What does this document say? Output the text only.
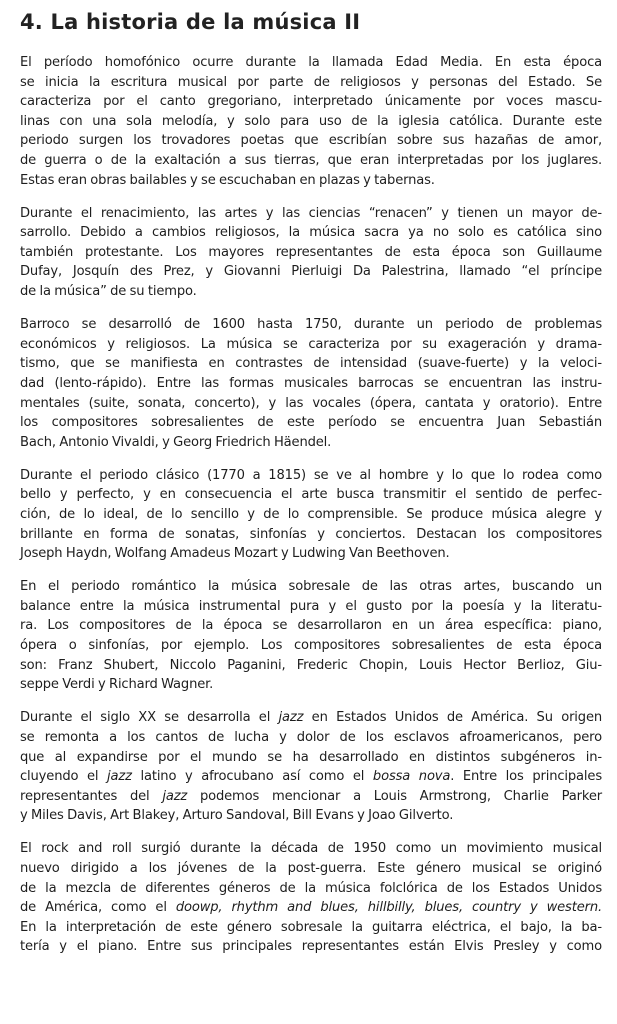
4. La historia de la música II

El período homofónico ocurre durante la llamada Edad Media. En esta época
se inicia la escritura musical por parte de religiosos y personas del Estado. Se
caracteriza por el canto gregoriano, interpretado únicamente por voces mascu-
linas con una sola melodía, y solo para uso de la iglesia católica. Durante este
periodo surgen los trovadores poetas que escribían sobre sus hazañas de amor,
de guerra o de la exaltación a sus tierras, que eran interpretadas por los juglares.
Estas eran obras bailables y se escuchaban en plazas y tabernas.

Durante el renacimiento, las artes y las ciencias “renacen” y tienen un mayor de-
sarrollo. Debido a cambios religiosos, la música sacra ya no solo es católica sino
también protestante. Los mayores representantes de esta época son Guillaume
Dufay, Josquín des Prez, y Giovanni Pierluigi Da Palestrina, llamado “el príncipe
de la música” de su tiempo.

Barroco se desarrolló de 1600 hasta 1750, durante un periodo de problemas
económicos y religiosos. La música se caracteriza por su exageración y drama-
tismo, que se manifiesta en contrastes de intensidad (suave-fuerte) y la veloci-
dad (lento-rápido). Entre las formas musicales barrocas se encuentran las instru-
mentales (suite, sonata, concerto), y las vocales (ópera, cantata y oratorio). Entre
los compositores sobresalientes de este período se encuentra Juan Sebastián
Bach, Antonio Vivaldi, y Georg Friedrich Häendel.

Durante el periodo clásico (1770 a 1815) se ve al hombre y lo que lo rodea como
bello y perfecto, y en consecuencia el arte busca transmitir el sentido de perfec-
ción, de lo ideal, de lo sencillo y de lo comprensible. Se produce música alegre y
brillante en forma de sonatas, sinfonías y conciertos. Destacan los compositores
Joseph Haydn, Wolfang Amadeus Mozart y Ludwing Van Beethoven.

En el periodo romántico la música sobresale de las otras artes, buscando un
balance entre la música instrumental pura y el gusto por la poesía y la literatu-
ra. Los compositores de la época se desarrollaron en un área específica: piano,
ópera o sinfonías, por ejemplo. Los compositores sobresalientes de esta época
son: Franz Shubert, Niccolo Paganini, Frederic Chopin, Louis Hector Berlioz, Giu-
seppe Verdi y Richard Wagner.

Durante el siglo XX se desarrolla el jazz en Estados Unidos de América. Su origen
se remonta a los cantos de lucha y dolor de los esclavos afroamericanos, pero
que al expandirse por el mundo se ha desarrollado en distintos subgéneros in-
cluyendo el jazz latino y afrocubano así como el bossa nova. Entre los principales
representantes del jazz podemos mencionar a Louis Armstrong, Charlie Parker
y Miles Davis, Art Blakey, Arturo Sandoval, Bill Evans y Joao Gilverto.

El rock and roll surgió durante la década de 1950 como un movimiento musical
nuevo dirigido a los jóvenes de la post-guerra. Este género musical se originó
de la mezcla de diferentes géneros de la música folclórica de los Estados Unidos
de América, como el doowp, rhythm and blues, hillbilly, blues, country y western.
En la interpretación de este género sobresale la guitarra eléctrica, el bajo, la ba-
tería y el piano. Entre sus principales representantes están Elvis Presley y como
